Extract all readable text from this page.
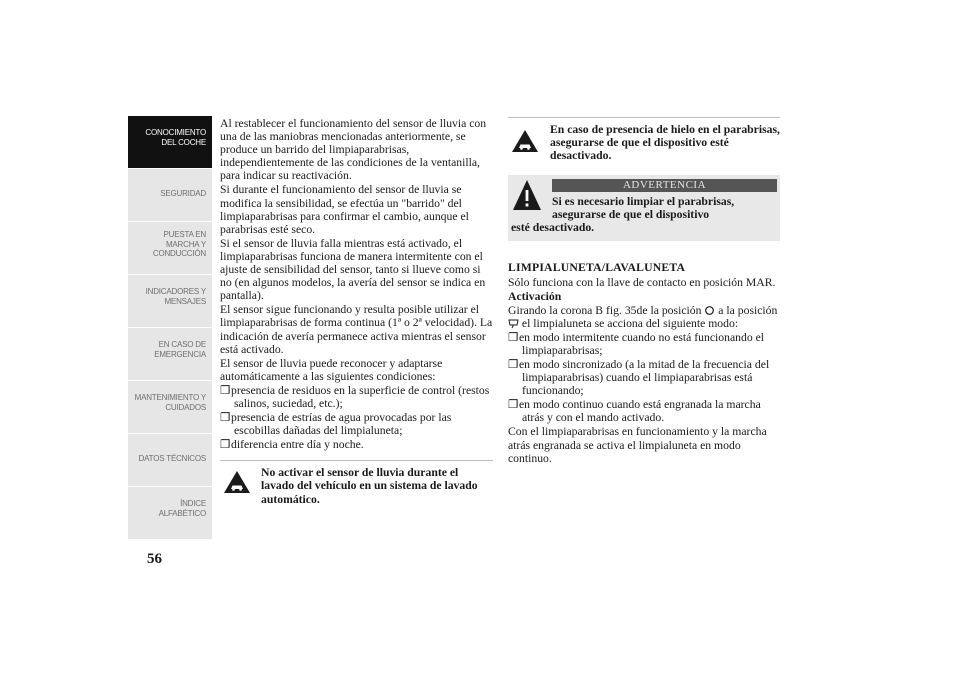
CONOCIMIENTO
DEL COCHE
SEGURIDAD
PUESTA EN
MARCHA Y
CONDUCCIÓN
INDICADORES Y
MENSAJES
EN CASO DE
EMERGENCIA
MANTENIMIENTO Y
CUIDADOS
DATOS TÉCNICOS
ÍNDICE
ALFABÉTICO
56

Al restablecer el funcionamiento del sensor de lluvia con una de las maniobras mencionadas anteriormente, se produce un barrido del limpiaparabrisas, independientemente de las condiciones de la ventanilla, para indicar su reactivación.

Si durante el funcionamiento del sensor de lluvia se modifica la sensibilidad, se efectúa un "barrido" del limpiaparabrisas para confirmar el cambio, aunque el parabrisas esté seco.

Si el sensor de lluvia falla mientras está activado, el limpiaparabrisas funciona de manera intermitente con el ajuste de sensibilidad del sensor, tanto si llueve como si no (en algunos modelos, la avería del sensor se indica en pantalla).

El sensor sigue funcionando y resulta posible utilizar el limpiaparabrisas de forma continua (1ª o 2ª velocidad). La indicación de avería permanece activa mientras el sensor está activado.

El sensor de lluvia puede reconocer y adaptarse automáticamente a las siguientes condiciones:

❐presencia de residuos en la superficie de control (restos salinos, suciedad, etc.);
❐presencia de estrías de agua provocadas por las escobillas dañadas del limpialuneta;
❐diferencia entre día y noche.
No activar el sensor de lluvia durante el lavado del vehículo en un sistema de lavado automático.
En caso de presencia de hielo en el parabrisas, asegurarse de que el dispositivo esté desactivado.
ADVERTENCIA
Si es necesario limpiar el parabrisas,
asegurarse de que el dispositivo
esté desactivado.
LIMPIALUNETA/LAVALUNETA

Sólo funciona con la llave de contacto en posición MAR.

Activación

Girando la corona B fig. 35de la posición a la posición  el limpialuneta se acciona del siguiente modo:

❐en modo intermitente cuando no está funcionando el limpiaparabrisas;
❐en modo sincronizado (a la mitad de la frecuencia del limpiaparabrisas) cuando el limpiaparabrisas está funcionando;
❐en modo continuo cuando está engranada la marcha atrás y con el mando activado.

Con el limpiaparabrisas en funcionamiento y la marcha atrás engranada se activa el limpialuneta en modo continuo.
